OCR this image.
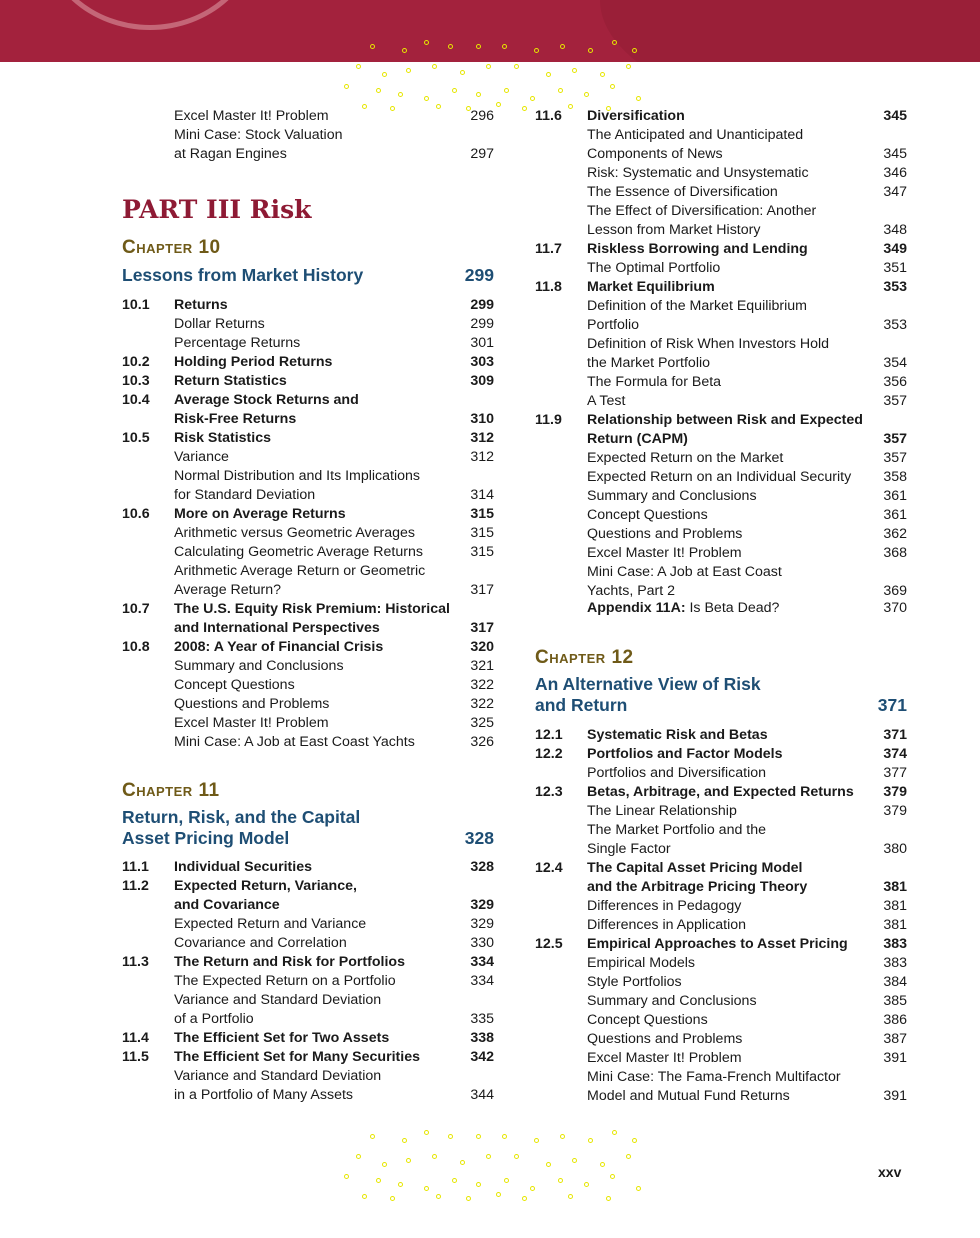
Excel Master It! Problem	296
Mini Case: Stock Valuation
at Ragan Engines	297
PART III Risk
Chapter 10
Lessons from Market History	299
10.1 Returns	299
Dollar Returns	299
Percentage Returns	301
10.2 Holding Period Returns	303
10.3 Return Statistics	309
10.4 Average Stock Returns and
Risk-Free Returns	310
10.5 Risk Statistics	312
Variance	312
Normal Distribution and Its Implications
for Standard Deviation	314
10.6 More on Average Returns	315
Arithmetic versus Geometric Averages	315
Calculating Geometric Average Returns	315
Arithmetic Average Return or Geometric
Average Return?	317
10.7 The U.S. Equity Risk Premium: Historical
and International Perspectives	317
10.8 2008: A Year of Financial Crisis	320
Summary and Conclusions	321
Concept Questions	322
Questions and Problems	322
Excel Master It! Problem	325
Mini Case: A Job at East Coast Yachts	326
Chapter 11
Return, Risk, and the Capital
Asset Pricing Model	328
11.1 Individual Securities	328
11.2 Expected Return, Variance,
and Covariance	329
Expected Return and Variance	329
Covariance and Correlation	330
11.3 The Return and Risk for Portfolios	334
The Expected Return on a Portfolio	334
Variance and Standard Deviation
of a Portfolio	335
11.4 The Efficient Set for Two Assets	338
11.5 The Efficient Set for Many Securities	342
Variance and Standard Deviation
in a Portfolio of Many Assets	344
11.6 Diversification	345
The Anticipated and Unanticipated
Components of News	345
Risk: Systematic and Unsystematic	346
The Essence of Diversification	347
The Effect of Diversification: Another
Lesson from Market History	348
11.7 Riskless Borrowing and Lending	349
The Optimal Portfolio	351
11.8 Market Equilibrium	353
Definition of the Market Equilibrium
Portfolio	353
Definition of Risk When Investors Hold
the Market Portfolio	354
The Formula for Beta	356
A Test	357
11.9 Relationship between Risk and Expected
Return (CAPM)	357
Expected Return on the Market	357
Expected Return on an Individual Security 358
Summary and Conclusions	361
Concept Questions	361
Questions and Problems	362
Excel Master It! Problem	368
Mini Case: A Job at East Coast
Yachts, Part 2	369
Appendix 11A: Is Beta Dead?	370
Chapter 12
An Alternative View of Risk
and Return	371
12.1 Systematic Risk and Betas	371
12.2 Portfolios and Factor Models	374
Portfolios and Diversification	377
12.3 Betas, Arbitrage, and Expected Returns 379
The Linear Relationship	379
The Market Portfolio and the
Single Factor	380
12.4 The Capital Asset Pricing Model
and the Arbitrage Pricing Theory	381
Differences in Pedagogy	381
Differences in Application	381
12.5 Empirical Approaches to Asset Pricing	383
Empirical Models	383
Style Portfolios	384
Summary and Conclusions	385
Concept Questions	386
Questions and Problems	387
Excel Master It! Problem	391
Mini Case: The Fama-French Multifactor
Model and Mutual Fund Returns	391
xxv
